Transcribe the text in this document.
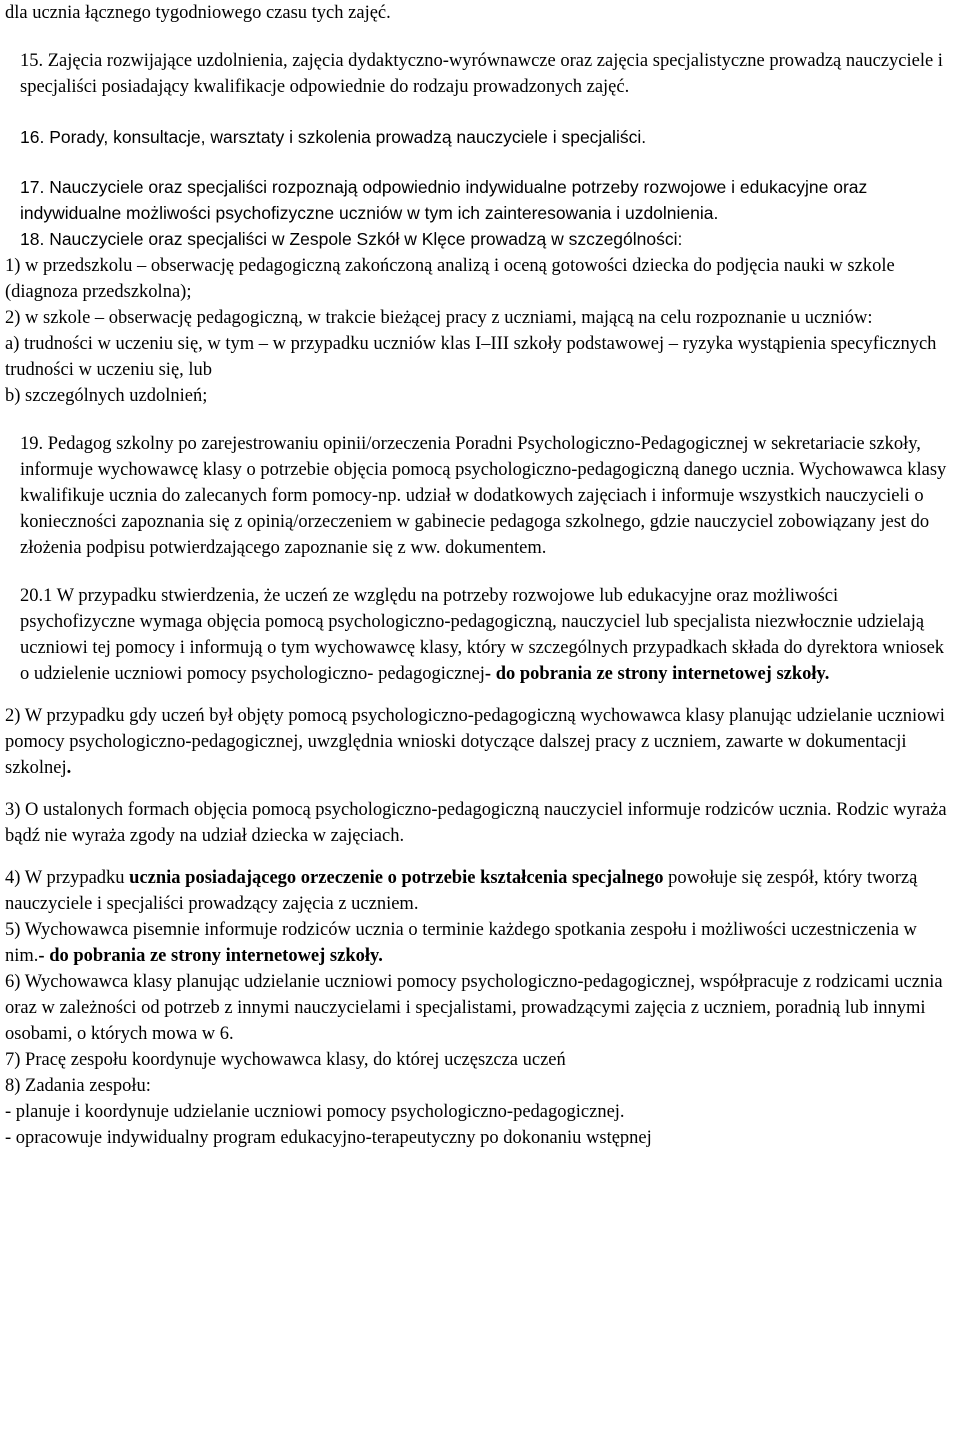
dla ucznia łącznego tygodniowego czasu tych zajęć.

15. Zajęcia rozwijające uzdolnienia, zajęcia dydaktyczno-wyrównawcze oraz zajęcia specjalistyczne prowadzą nauczyciele i specjaliści posiadający kwalifikacje odpowiednie do rodzaju prowadzonych zajęć.

16. Porady, konsultacje, warsztaty i szkolenia prowadzą nauczyciele i specjaliści.

17. Nauczyciele oraz specjaliści rozpoznają odpowiednio indywidualne potrzeby rozwojowe i edukacyjne oraz indywidualne możliwości psychofizyczne uczniów w tym ich zainteresowania i uzdolnienia.

18. Nauczyciele oraz specjaliści w Zespole Szkół w Klęce prowadzą w szczególności:

1) w przedszkolu – obserwację pedagogiczną zakończoną analizą i oceną gotowości dziecka do podjęcia nauki w szkole (diagnoza przedszkolna);

2) w szkole – obserwację pedagogiczną, w trakcie bieżącej pracy z uczniami, mającą na celu rozpoznanie u uczniów:

a) trudności w uczeniu się, w tym – w przypadku uczniów klas I–III szkoły podstawowej – ryzyka wystąpienia specyficznych trudności w uczeniu się, lub

b) szczególnych uzdolnień;

19. Pedagog szkolny po zarejestrowaniu opinii/orzeczenia Poradni Psychologiczno-Pedagogicznej w sekretariacie szkoły, informuje wychowawcę klasy o potrzebie objęcia pomocą psychologiczno-pedagogiczną danego ucznia. Wychowawca klasy kwalifikuje ucznia do zalecanych form pomocy-np. udział w dodatkowych zajęciach i informuje wszystkich nauczycieli o konieczności zapoznania się z opinią/orzeczeniem w gabinecie pedagoga szkolnego, gdzie nauczyciel zobowiązany jest do złożenia podpisu potwierdzającego zapoznanie się z ww. dokumentem.

20.1 W przypadku stwierdzenia, że uczeń ze względu na potrzeby rozwojowe lub edukacyjne oraz możliwości psychofizyczne wymaga objęcia pomocą psychologiczno-pedagogiczną, nauczyciel lub specjalista niezwłocznie udzielają uczniowi tej pomocy i informują o tym wychowawcę klasy, który w szczególnych przypadkach składa do dyrektora wniosek o udzielenie uczniowi pomocy psychologiczno- pedagogicznej- do pobrania ze strony internetowej szkoły.

2) W przypadku gdy uczeń był objęty pomocą psychologiczno-pedagogiczną wychowawca klasy planując udzielanie uczniowi pomocy psychologiczno-pedagogicznej, uwzględnia wnioski dotyczące dalszej pracy z uczniem, zawarte w dokumentacji szkolnej.

3) O ustalonych formach objęcia pomocą psychologiczno-pedagogiczną nauczyciel informuje rodziców ucznia. Rodzic wyraża bądź nie wyraża zgody na udział dziecka w zajęciach.

4) W przypadku ucznia posiadającego orzeczenie o potrzebie kształcenia specjalnego powołuje się zespół, który tworzą nauczyciele i specjaliści prowadzący zajęcia z uczniem.

5) Wychowawca pisemnie informuje rodziców ucznia o terminie każdego spotkania zespołu i możliwości uczestniczenia w nim.- do pobrania ze strony internetowej szkoły.

6) Wychowawca klasy planując udzielanie uczniowi pomocy psychologiczno-pedagogicznej, współpracuje z rodzicami ucznia oraz w zależności od potrzeb z innymi nauczycielami i specjalistami, prowadzącymi zajęcia z uczniem, poradnią lub innymi osobami, o których mowa w 6.

7) Pracę zespołu koordynuje wychowawca klasy, do której uczęszcza uczeń

8) Zadania zespołu:

- planuje i koordynuje udzielanie uczniowi pomocy psychologiczno-pedagogicznej.

- opracowuje indywidualny program edukacyjno-terapeutyczny po dokonaniu wstępnej
